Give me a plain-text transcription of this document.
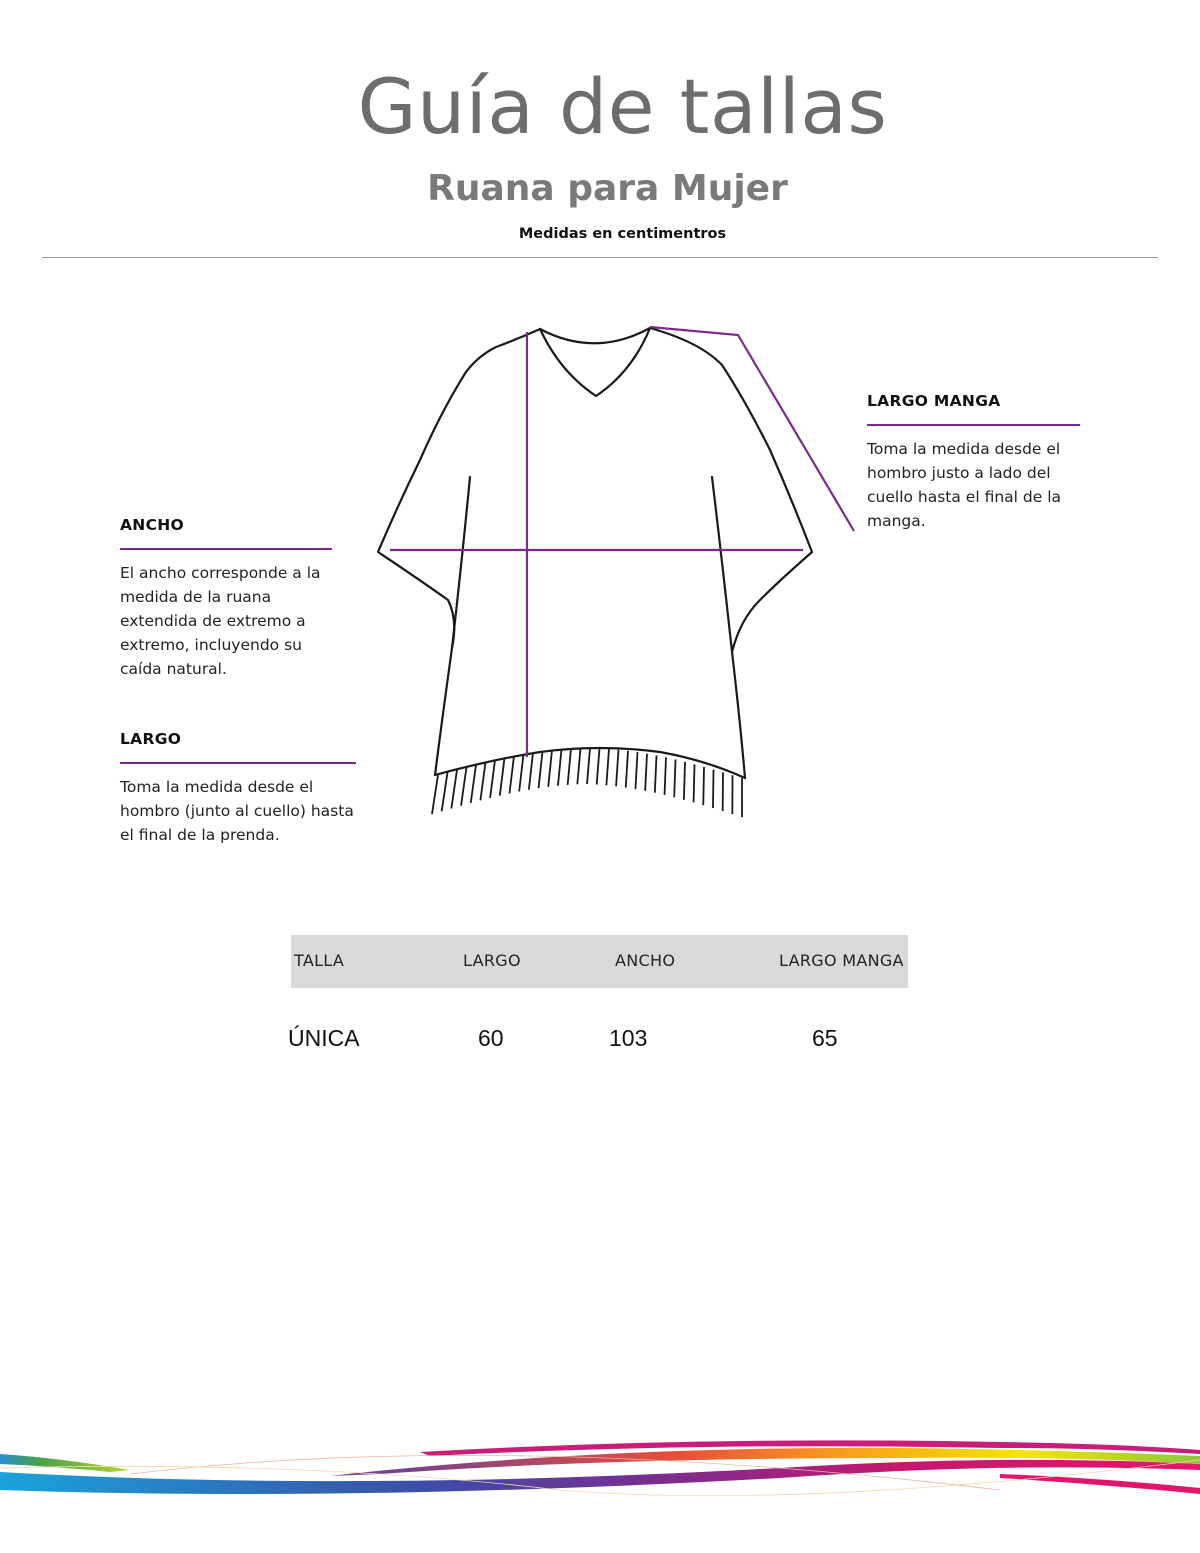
Guía de tallas
Ruana para Mujer
Medidas en centimentros
ANCHO
El ancho corresponde a la medida de la ruana extendida de extremo a extremo, incluyendo su caída natural.
LARGO
Toma la medida desde el hombro (junto al cuello) hasta el final de la prenda.
LARGO MANGA
Toma la medida desde el hombro justo a lado del cuello hasta el final de la manga.
TALLA	LARGO	ANCHO	LARGO MANGA
ÚNICA	60	103	65
